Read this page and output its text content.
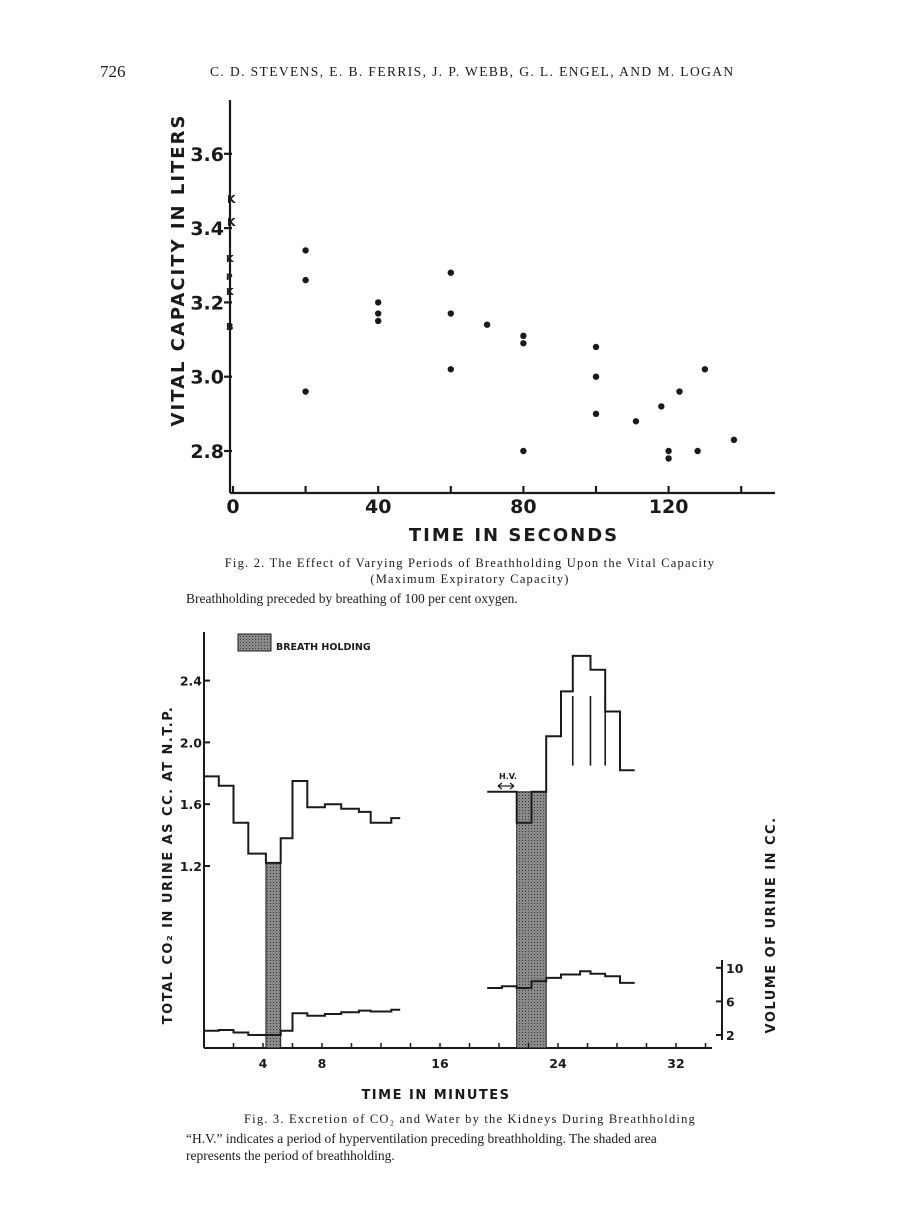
726	C. D. STEVENS, E. B. FERRIS, J. P. WEBB, G. L. ENGEL, AND M. LOGAN
2.8
3.0
3.2
3.4
3.6
0	40	80	120
K
K
K
P
K
B
VITAL CAPACITY IN LITERS
TIME IN SECONDS
Fig. 2. The Effect of Varying Periods of Breathholding Upon the Vital Capacity
(Maximum Expiratory Capacity)
Breathholding preceded by breathing of 100 per cent oxygen.
1.2
1.6
2.0
2.4
2
6
10
4	8	16	24	32
BREATH HOLDING
H.V.
TOTAL CO₂ IN URINE AS CC. AT N.T.P.	VOLUME OF URINE IN CC.
TIME IN MINUTES
Fig. 3. Excretion of CO₂ and Water by the Kidneys During Breathholding
“H.V.” indicates a period of hyperventilation preceding breathholding. The shaded area
represents the period of breathholding.
